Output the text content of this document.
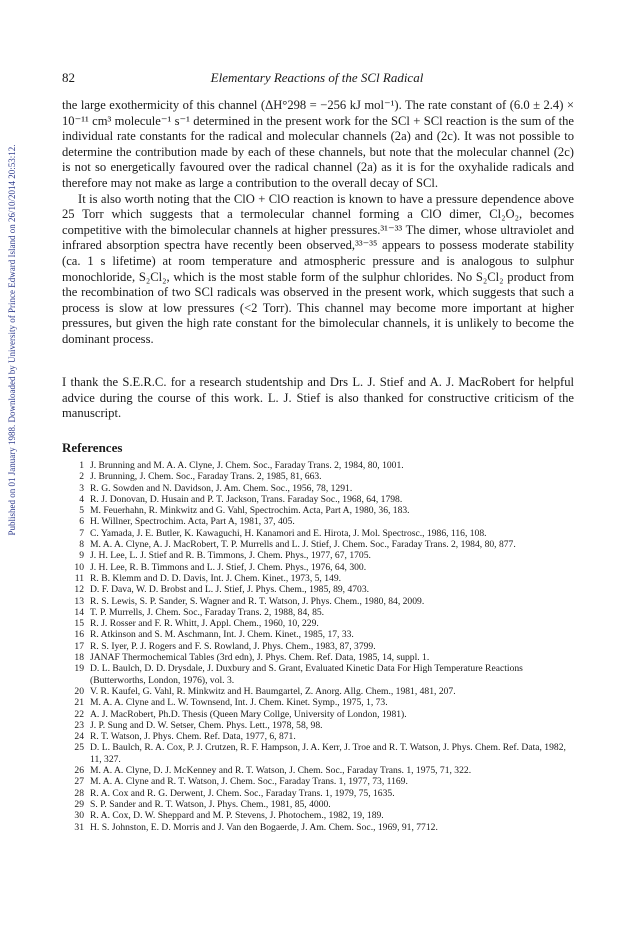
82	Elementary Reactions of the SCl Radical
Published on 01 January 1988. Downloaded by University of Prince Edward Island on 26/10/2014 20:53:12.

the large exothermicity of this channel (ΔH°298 = −256 kJ mol⁻¹). The rate constant of (6.0 ± 2.4) × 10⁻¹¹ cm³ molecule⁻¹ s⁻¹ determined in the present work for the SCl + SCl reaction is the sum of the individual rate constants for the radical and molecular channels (2a) and (2c). It was not possible to determine the contribution made by each of these channels, but note that the molecular channel (2c) is not so energetically favoured over the radical channel (2a) as it is for the oxyhalide radicals and therefore may not make as large a contribution to the overall decay of SCl.

It is also worth noting that the ClO + ClO reaction is known to have a pressure dependence above 25 Torr which suggests that a termolecular channel forming a ClO dimer, Cl₂O₂, becomes competitive with the bimolecular channels at higher pressures.³¹⁻³³ The dimer, whose ultraviolet and infrared absorption spectra have recently been observed,³³⁻³⁵ appears to possess moderate stability (ca. 1 s lifetime) at room temperature and atmospheric pressure and is analogous to sulphur monochloride, S₂Cl₂, which is the most stable form of the sulphur chlorides. No S₂Cl₂ product from the recombination of two SCl radicals was observed in the present work, which suggests that such a process is slow at low pressures (<2 Torr). This channel may become more important at higher pressures, but given the high rate constant for the bimolecular channels, it is unlikely to become the dominant process.

I thank the S.E.R.C. for a research studentship and Drs L. J. Stief and A. J. MacRobert for helpful advice during the course of this work. L. J. Stief is also thanked for constructive criticism of the manuscript.
References
1 J. Brunning and M. A. A. Clyne, J. Chem. Soc., Faraday Trans. 2, 1984, 80, 1001.
2 J. Brunning, J. Chem. Soc., Faraday Trans. 2, 1985, 81, 663.
3 R. G. Sowden and N. Davidson, J. Am. Chem. Soc., 1956, 78, 1291.
4 R. J. Donovan, D. Husain and P. T. Jackson, Trans. Faraday Soc., 1968, 64, 1798.
5 M. Feuerhahn, R. Minkwitz and G. Vahl, Spectrochim. Acta, Part A, 1980, 36, 183.
6 H. Willner, Spectrochim. Acta, Part A, 1981, 37, 405.
7 C. Yamada, J. E. Butler, K. Kawaguchi, H. Kanamori and E. Hirota, J. Mol. Spectrosc., 1986, 116, 108.
8 M. A. A. Clyne, A. J. MacRobert, T. P. Murrells and L. J. Stief, J. Chem. Soc., Faraday Trans. 2, 1984, 80, 877.
9 J. H. Lee, L. J. Stief and R. B. Timmons, J. Chem. Phys., 1977, 67, 1705.
10 J. H. Lee, R. B. Timmons and L. J. Stief, J. Chem. Phys., 1976, 64, 300.
11 R. B. Klemm and D. D. Davis, Int. J. Chem. Kinet., 1973, 5, 149.
12 D. F. Dava, W. D. Brobst and L. J. Stief, J. Phys. Chem., 1985, 89, 4703.
13 R. S. Lewis, S. P. Sander, S. Wagner and R. T. Watson, J. Phys. Chem., 1980, 84, 2009.
14 T. P. Murrells, J. Chem. Soc., Faraday Trans. 2, 1988, 84, 85.
15 R. J. Rosser and F. R. Whitt, J. Appl. Chem., 1960, 10, 229.
16 R. Atkinson and S. M. Aschmann, Int. J. Chem. Kinet., 1985, 17, 33.
17 R. S. Iyer, P. J. Rogers and F. S. Rowland, J. Phys. Chem., 1983, 87, 3799.
18 JANAF Thermochemical Tables (3rd edn), J. Phys. Chem. Ref. Data, 1985, 14, suppl. 1.
19 D. L. Baulch, D. D. Drysdale, J. Duxbury and S. Grant, Evaluated Kinetic Data For High Temperature Reactions (Butterworths, London, 1976), vol. 3.
20 V. R. Kaufel, G. Vahl, R. Minkwitz and H. Baumgartel, Z. Anorg. Allg. Chem., 1981, 481, 207.
21 M. A. A. Clyne and L. W. Townsend, Int. J. Chem. Kinet. Symp., 1975, 1, 73.
22 A. J. MacRobert, Ph.D. Thesis (Queen Mary Collge, University of London, 1981).
23 J. P. Sung and D. W. Setser, Chem. Phys. Lett., 1978, 58, 98.
24 R. T. Watson, J. Phys. Chem. Ref. Data, 1977, 6, 871.
25 D. L. Baulch, R. A. Cox, P. J. Crutzen, R. F. Hampson, J. A. Kerr, J. Troe and R. T. Watson, J. Phys. Chem. Ref. Data, 1982, 11, 327.
26 M. A. A. Clyne, D. J. McKenney and R. T. Watson, J. Chem. Soc., Faraday Trans. 1, 1975, 71, 322.
27 M. A. A. Clyne and R. T. Watson, J. Chem. Soc., Faraday Trans. 1, 1977, 73, 1169.
28 R. A. Cox and R. G. Derwent, J. Chem. Soc., Faraday Trans. 1, 1979, 75, 1635.
29 S. P. Sander and R. T. Watson, J. Phys. Chem., 1981, 85, 4000.
30 R. A. Cox, D. W. Sheppard and M. P. Stevens, J. Photochem., 1982, 19, 189.
31 H. S. Johnston, E. D. Morris and J. Van den Bogaerde, J. Am. Chem. Soc., 1969, 91, 7712.
